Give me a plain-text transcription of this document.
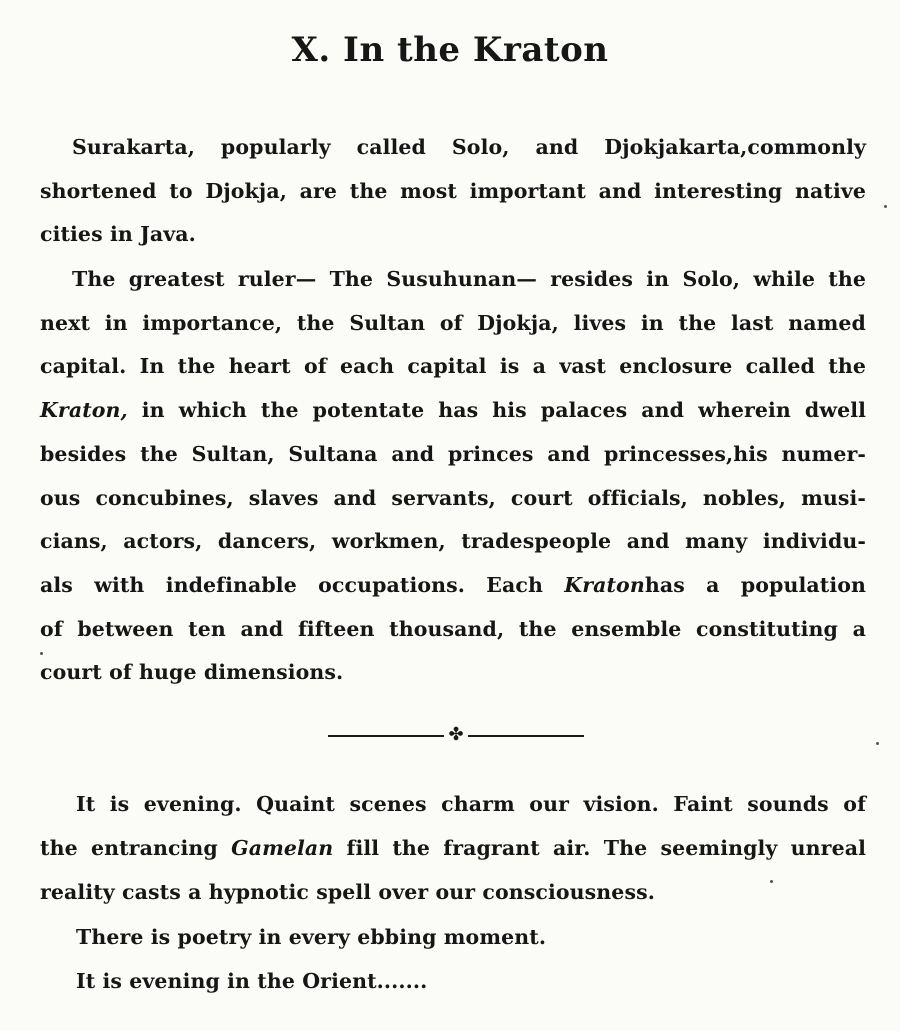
X. In the Kraton
Surakarta, popularly called Solo, and Djokjakarta,commonly
shortened to Djokja, are the most important and interesting native
cities in Java.
The greatest ruler— The Susuhunan— resides in Solo, while the
next in importance, the Sultan of Djokja, lives in the last named
capital. In the heart of each capital is a vast enclosure called the
Kraton, in which the potentate has his palaces and wherein dwell
besides the Sultan, Sultana and princes and princesses,his numer-
ous concubines, slaves and servants, court officials, nobles, musi-
cians, actors, dancers, workmen, tradespeople and many individu-
als with indefinable occupations. Each Kratonhas a population
of between ten and fifteen thousand, the ensemble constituting a
court of huge dimensions.
✤
It is evening. Quaint scenes charm our vision. Faint sounds of
the entrancing Gamelan fill the fragrant air. The seemingly unreal
reality casts a hypnotic spell over our consciousness.
There is poetry in every ebbing moment.
It is evening in the Orient.......
